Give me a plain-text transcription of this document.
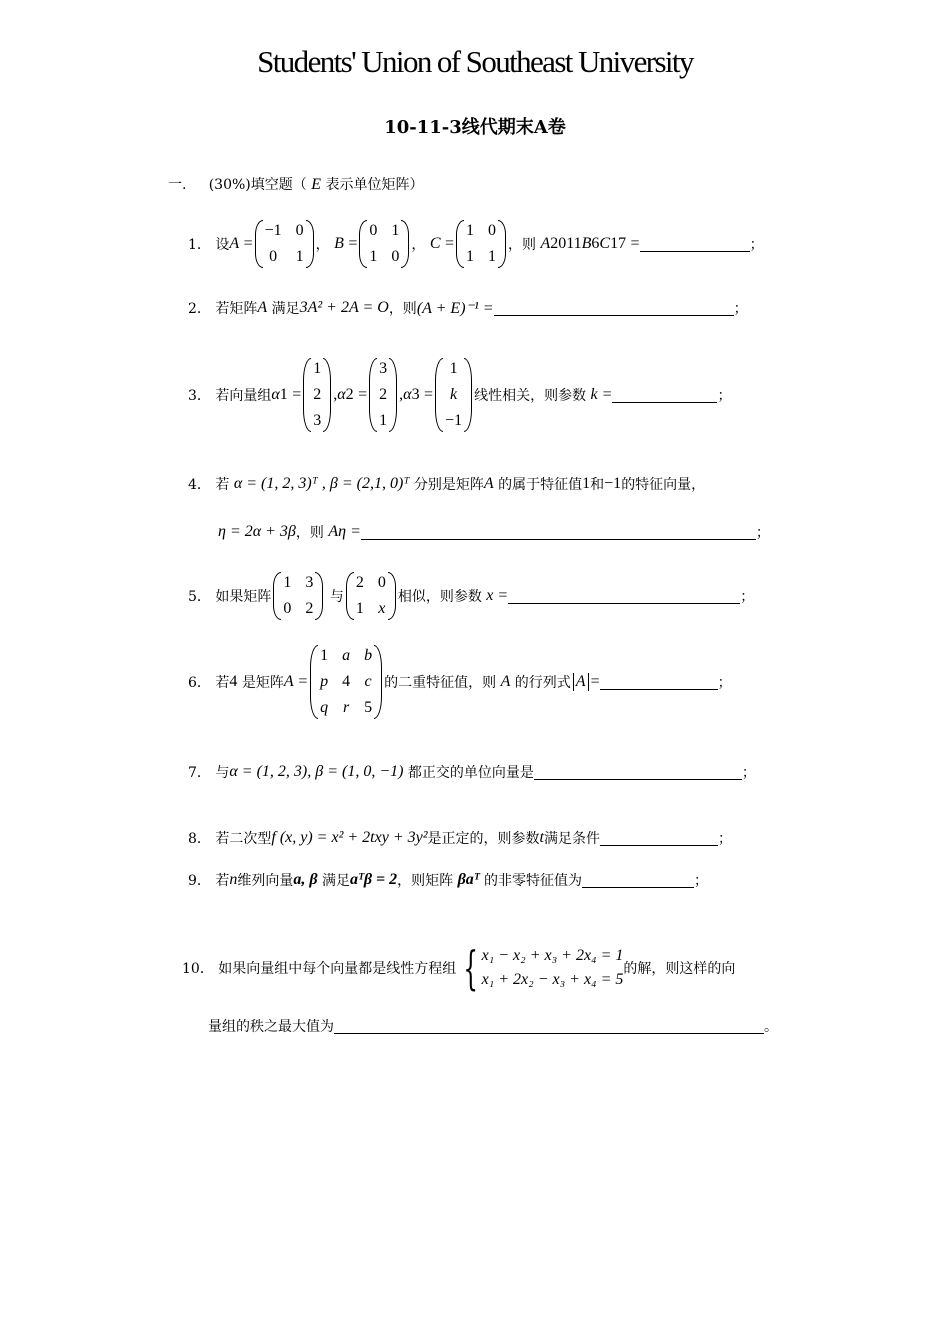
Students' Union of Southeast University
10-11-3线代期末A卷
一. (30%)填空题（ E 表示单位矩阵）
1．
设 A
=
−1 0
0 1
，
B
=
0 1
1 0
，
C
=
1 0
1 1
，则
A 2011 B 6 C 17
=	；
2．
若矩阵 A
满足 3A² + 2A = O ，则 (A + E)⁻¹ =	；
3．
若向量组 α 1
=
1
2
3
, α 2
=
3
2
1
, α 3
=
1
k
−1
线性相关，则参数
k =	；
4．
若
α = (1, 2, 3)ᵀ , β = (2,1, 0)ᵀ
分别是矩阵 A
的属于特征值 1 和 −1 的特征向量，
η = 2α + 3β ，则
Aη =	；
5．
如果矩阵
1 3
0 2

与
2 0
1 x
相似，则参数
x =	；
6．
若 4
是矩阵 A =
1 a b
p 4 c
q r 5
的二重特征值，则
A
的行列式 A =	；
7．
与 α = (1, 2, 3), β = (1, 0, −1)
都正交的单位向量是	；
8．
若二次型 f (x, y) = x² + 2txy + 3y² 是正定的，则参数 t 满足条件	；
9．
若 n 维列向量 a, β
满足 aᵀβ = 2 ，则矩阵
βaᵀ
的非零特征值为	；
10．
如果向量组中每个向量都是线性方程组 { x₁ − x₂ + x₃ + 2x₄ = 1
x₁ + 2x₂ − x₃ + x₄ = 5
的解，则这样的向
量组的秩之最大值为	。
